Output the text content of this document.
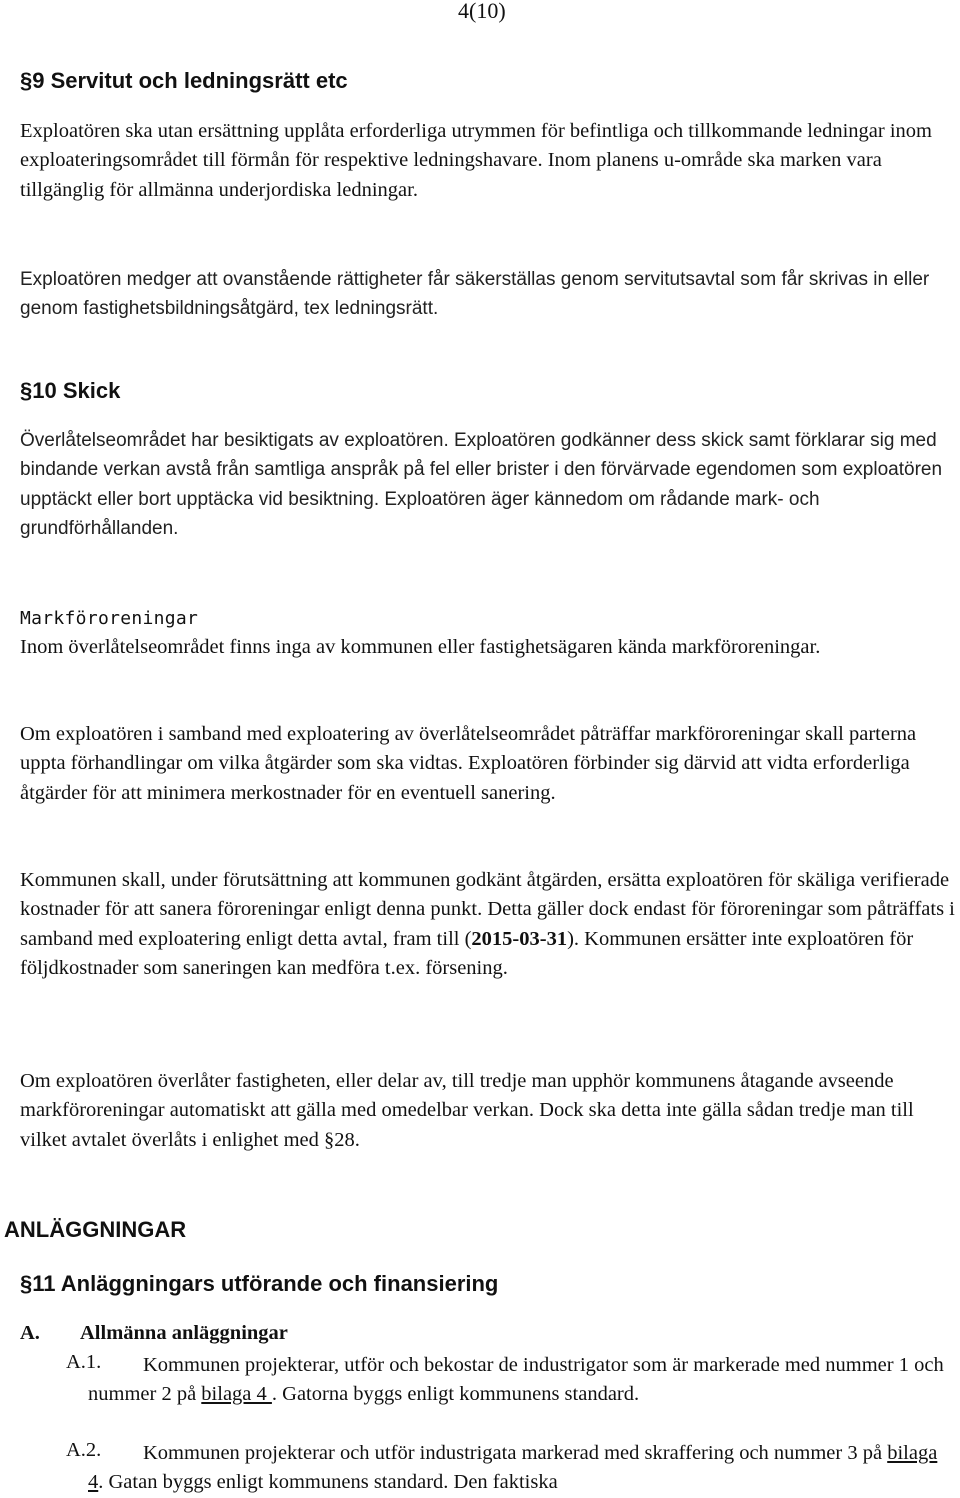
4(10)
§9 Servitut och ledningsrätt etc

Exploatören ska utan ersättning upplåta erforderliga utrymmen för befintliga och tillkommande ledningar inom exploateringsområdet till förmån för respektive ledningshavare. Inom planens u-område ska marken vara tillgänglig för allmänna underjordiska ledningar.

Exploatören medger att ovanstående rättigheter får säkerställas genom servitutsavtal som får skrivas in eller genom fastighetsbildningsåtgärd, tex ledningsrätt.

§10 Skick

Överlåtelseområdet har besiktigats av exploatören. Exploatören godkänner dess skick samt förklarar sig med bindande verkan avstå från samtliga anspråk på fel eller brister i den förvärvade egendomen som exploatören upptäckt eller bort upptäcka vid besiktning. Exploatören äger kännedom om rådande mark- och grundförhållanden.

Markföroreningar

Inom överlåtelseområdet finns inga av kommunen eller fastighetsägaren kända markföroreningar.

Om exploatören i samband med exploatering av överlåtelseområdet påträffar markföroreningar skall parterna uppta förhandlingar om vilka åtgärder som ska vidtas. Exploatören förbinder sig därvid att vidta erforderliga åtgärder för att minimera merkostnader för en eventuell sanering.

Kommunen skall, under förutsättning att kommunen godkänt åtgärden, ersätta exploatören för skäliga verifierade kostnader för att sanera föroreningar enligt denna punkt. Detta gäller dock endast för föroreningar som påträffats i samband med exploatering enligt detta avtal, fram till (2015-03-31). Kommunen ersätter inte exploatören för följdkostnader som saneringen kan medföra t.ex. försening.

Om exploatören överlåter fastigheten, eller delar av, till tredje man upphör kommunens åtagande avseende markföroreningar automatiskt att gälla med omedelbar verkan. Dock ska detta inte gälla sådan tredje man till vilket avtalet överlåts i enlighet med §28.

ANLÄGGNINGAR
§11 Anläggningars utförande och finansiering
A. Allmänna anläggningar
A.1.	Kommunen projekterar, utför och bekostar de industrigator som är markerade med nummer 1 och nummer 2 på bilaga 4 . Gatorna byggs enligt kommunens standard.

A.2.	Kommunen projekterar och utför industrigata markerad med skraffering och nummer 3 på bilaga 4. Gatan byggs enligt kommunens standard. Den faktiska
